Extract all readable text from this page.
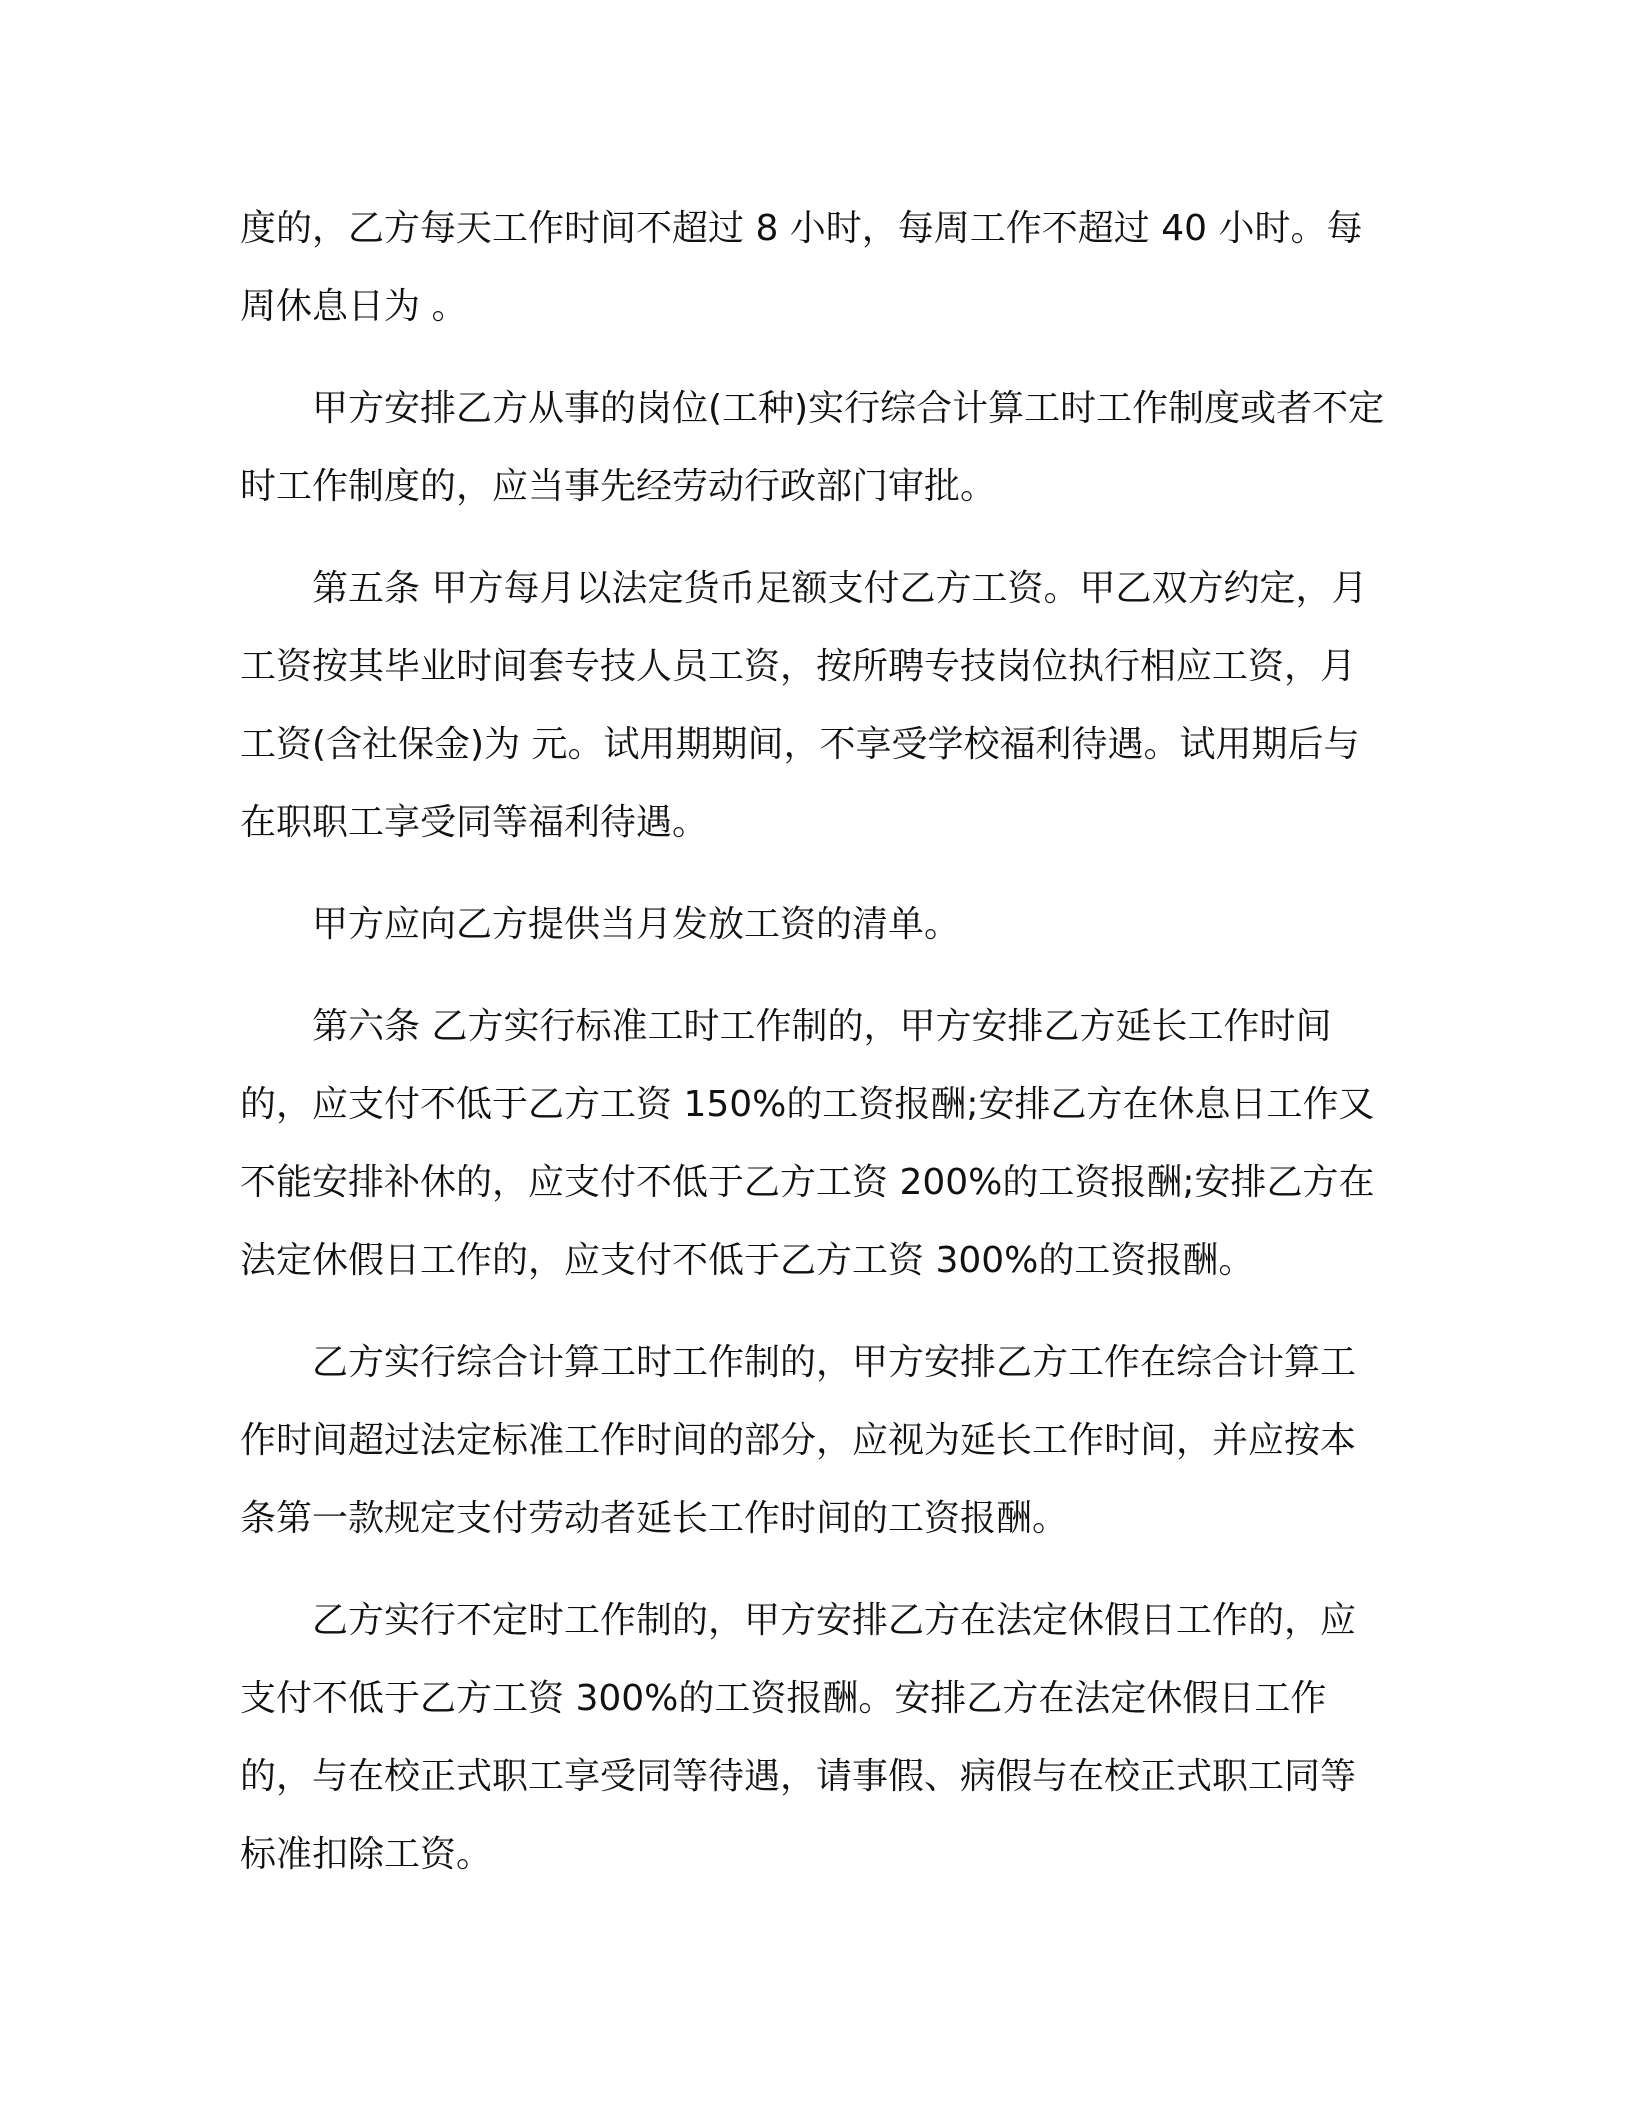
度的，乙方每天工作时间不超过 8 小时，每周工作不超过 40 小时。每周休息日为 。

甲方安排乙方从事的岗位(工种)实行综合计算工时工作制度或者不定时工作制度的，应当事先经劳动行政部门审批。

第五条 甲方每月以法定货币足额支付乙方工资。甲乙双方约定，月工资按其毕业时间套专技人员工资，按所聘专技岗位执行相应工资，月工资(含社保金)为 元。试用期期间，不享受学校福利待遇。试用期后与在职职工享受同等福利待遇。

甲方应向乙方提供当月发放工资的清单。

第六条 乙方实行标准工时工作制的，甲方安排乙方延长工作时间的，应支付不低于乙方工资 150%的工资报酬;安排乙方在休息日工作又不能安排补休的，应支付不低于乙方工资 200%的工资报酬;安排乙方在法定休假日工作的，应支付不低于乙方工资 300%的工资报酬。

乙方实行综合计算工时工作制的，甲方安排乙方工作在综合计算工作时间超过法定标准工作时间的部分，应视为延长工作时间，并应按本条第一款规定支付劳动者延长工作时间的工资报酬。

乙方实行不定时工作制的，甲方安排乙方在法定休假日工作的，应支付不低于乙方工资 300%的工资报酬。安排乙方在法定休假日工作的，与在校正式职工享受同等待遇，请事假、病假与在校正式职工同等标准扣除工资。
